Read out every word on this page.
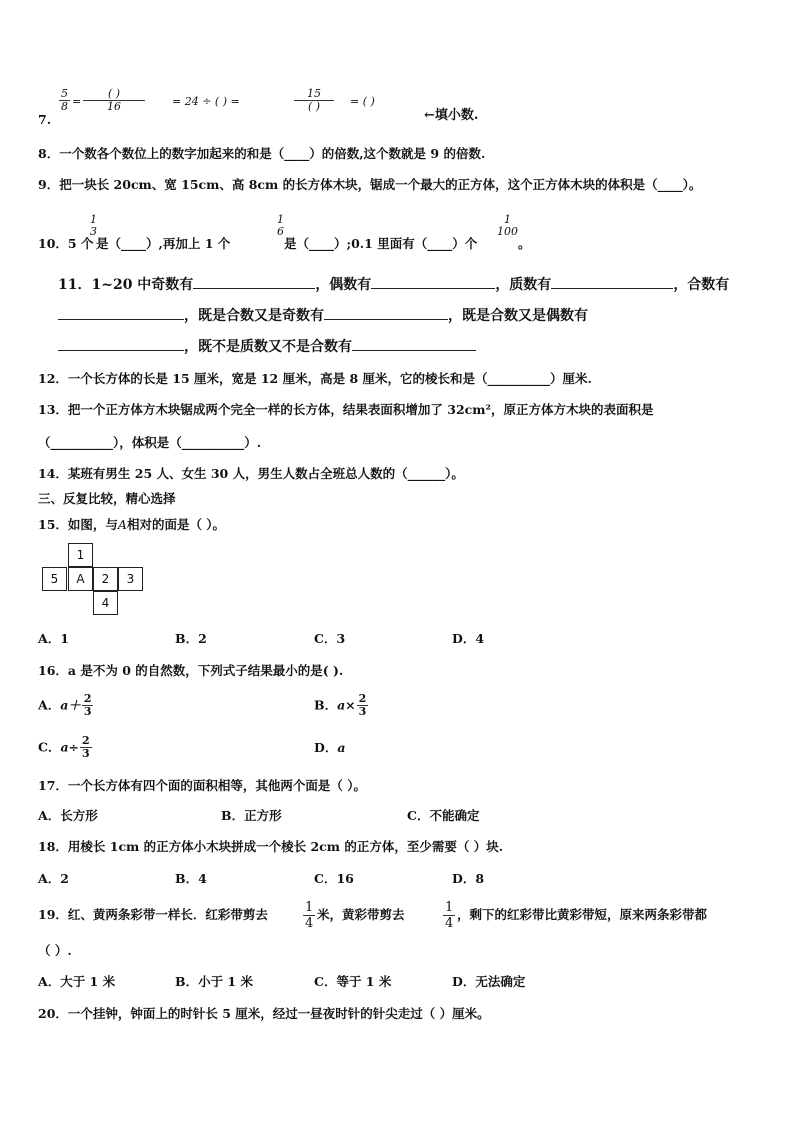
7.
$\frac{5}{8}$ =
( )
16	= 24 ÷ ( ) =
15
( )	= ( )
←填小数.
8．一个数各个数位上的数字加起来的和是（____）的倍数,这个数就是 9 的倍数.
9．把一块长 20cm、宽 15cm、高 8cm 的长方体木块，锯成一个最大的正方体，这个正方体木块的体积是（____）。
10．5 个
1
3
是（____）,再加上 1 个
1
6
是（____）;0.1 里面有（____）个
1
100
。
11．1~20 中奇数有	，偶数有	，质数有	，合数有
，既是合数又是奇数有	，既是合数又是偶数有
，既不是质数又不是合数有
12．一个长方体的长是 15 厘米，宽是 12 厘米，高是 8 厘米，它的棱长和是（__________）厘米.
13．把一个正方体方木块锯成两个完全一样的长方体，结果表面积增加了 32cm²，原正方体方木块的表面积是
（__________），体积是（__________）.
14．某班有男生 25 人、女生 30 人，男生人数占全班总人数的（______）。
三、反复比较，精心选择
15．如图，与A相对的面是（ ）。
1
5	A	2	3
4
A．1	B．2	C．3	D．4
16．a 是不为 0 的自然数，下列式子结果最小的是( ).
A．$a+ \frac{2}{3}$	B．$a\times \frac{2}{3}$
C．$a\div \frac{2}{3}$	D．a
17．一个长方体有四个面的面积相等，其他两个面是（ ）。
A．长方形	B．正方形	C．不能确定
18．用棱长 1cm 的正方体小木块拼成一个棱长 2cm 的正方体，至少需要（ ）块.
A．2	B．4	C．16	D．8
19．红、黄两条彩带一样长．红彩带剪去	$\frac{1}{4}$ 米，黄彩带剪去	$\frac{1}{4}$ ，剩下的红彩带比黄彩带短，原来两条彩带都
（ ）.
A．大于 1 米	B．小于 1 米	C．等于 1 米	D．无法确定
20．一个挂钟，钟面上的时针长 5 厘米，经过一昼夜时针的针尖走过（ ）厘米。
